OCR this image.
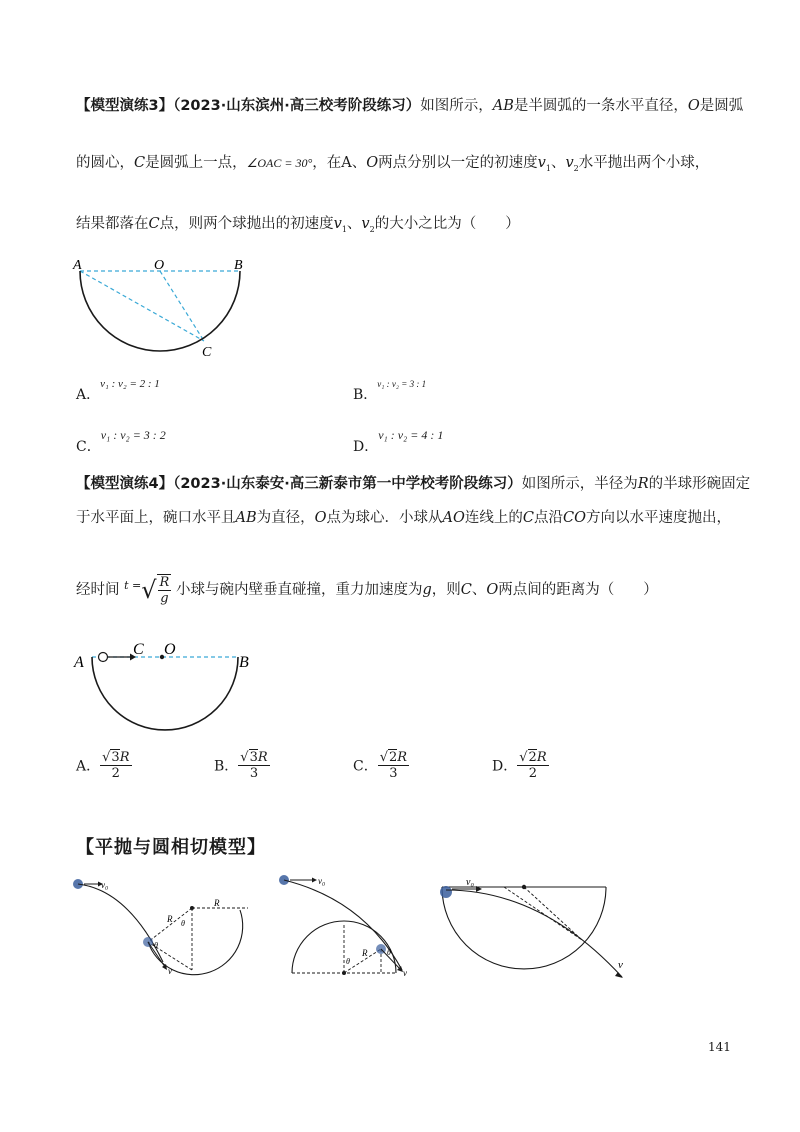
【模型演练3】（2023·山东滨州·高三校考阶段练习）如图所示，AB是半圆弧的一条水平直径，O是圆弧
的圆心，C是圆弧上一点，∠OAC = 30°，在A、O两点分别以一定的初速度$v_1$、$v_2$水平抛出两个小球，
结果都落在C点，则两个球抛出的初速度$v_1$、$v_2$的大小之比为（　　）
A	O	B
C
A．v₁ : v₂ = 2 : 1
B．v₁ : v₂ = 3 : 1
C．v₁ : v₂ = 3 : 2
D．v₁ : v₂ = 4 : 1
【模型演练4】（2023·山东泰安·高三新泰市第一中学校考阶段练习）如图所示，半径为R的半球形碗固定
于水平面上，碗口水平且AB为直径，O点为球心．小球从AO连线上的C点沿CO方向以水平速度抛出，
经时间 $^{t =}√ \frac{R}{g}$ 小球与碗内壁垂直碰撞，重力加速度为g，则C、O两点间的距离为（　　）
A
C O
B
A． $\frac{√3R}{2}$	B． $\frac{√3R}{3}$	C． $\frac{√2R}{3}$	D． $\frac{√2R}{2}$
【平抛与圆相切模型】
v₀
v
R
R
θ
θ
v₀
v
R
θ
θ
v₀
v
141
